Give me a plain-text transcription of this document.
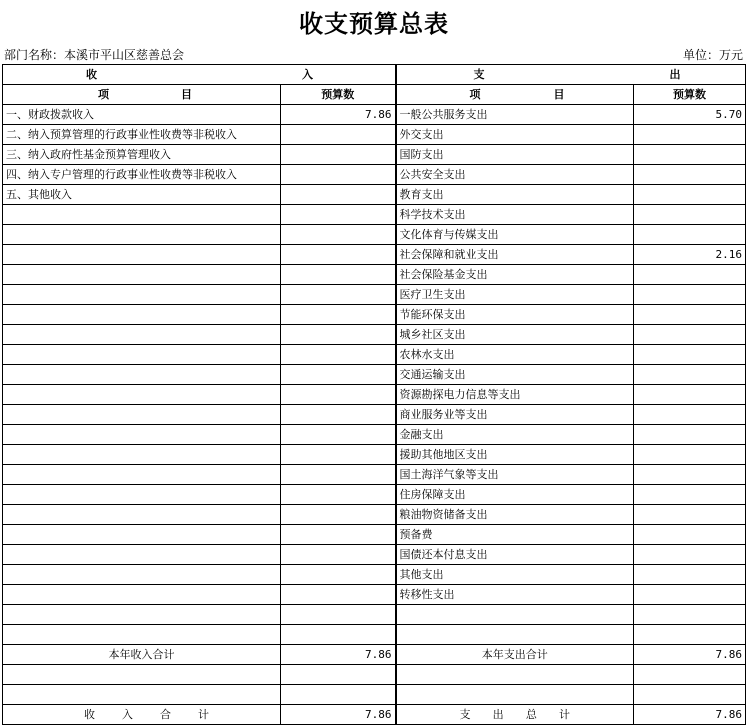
收支预算总表
部门名称：本溪市平山区慈善总会	单位：万元
收 入		支 出	

项 目	预算数	项 目	预算数
一、财政拨款收入	7.86	一般公共服务支出	5.70
二、纳入预算管理的行政事业性收费等非税收入		外交支出	
三、纳入政府性基金预算管理收入		国防支出	
四、纳入专户管理的行政事业性收费等非税收入		公共安全支出	
五、其他收入		教育支出	
		科学技术支出	
		文化体育与传媒支出	
		社会保障和就业支出	2.16
		社会保险基金支出	
		医疗卫生支出	
		节能环保支出	
		城乡社区支出	
		农林水支出	
		交通运输支出	
		资源勘探电力信息等支出	
		商业服务业等支出	
		金融支出	
		援助其他地区支出	
		国土海洋气象等支出	
		住房保障支出	
		粮油物资储备支出	
		预备费	
		国债还本付息支出	
		其他支出	
		转移性支出	

本年收入合计	7.86	本年支出合计	7.86

收 入 合 计	7.86	支 出 总 计	7.86
